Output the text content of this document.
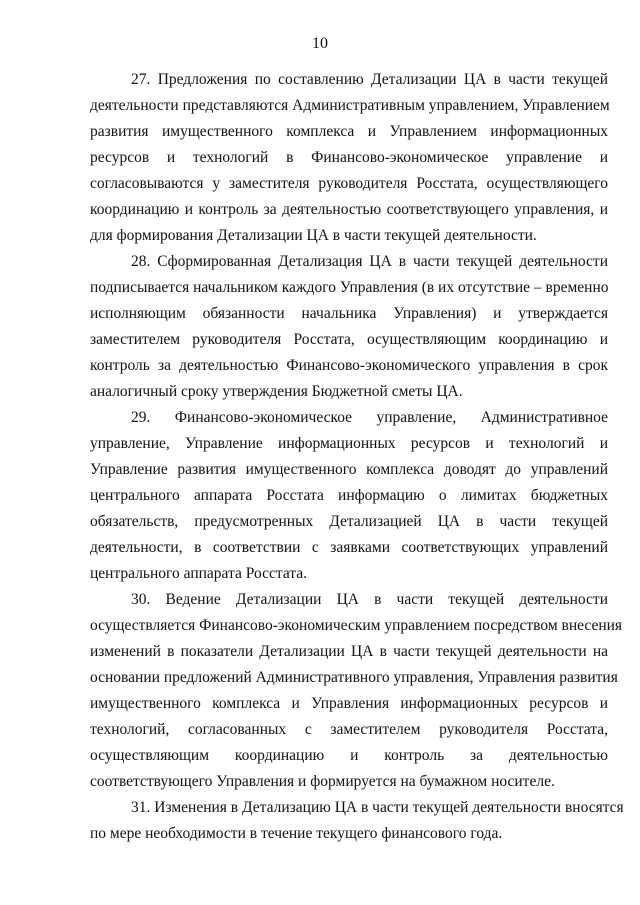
10
27. Предложения по составлению Детализации ЦА в части текущей
деятельности представляются Административным управлением, Управлением
развития имущественного комплекса и Управлением информационных
ресурсов и технологий в Финансово-экономическое управление и
согласовываются у заместителя руководителя Росстата, осуществляющего
координацию и контроль за деятельностью соответствующего управления, и
для формирования Детализации ЦА в части текущей деятельности.
28. Сформированная Детализация ЦА в части текущей деятельности
подписывается начальником каждого Управления (в их отсутствие – временно
исполняющим обязанности начальника Управления) и утверждается
заместителем руководителя Росстата, осуществляющим координацию и
контроль за деятельностью Финансово-экономического управления в срок
аналогичный сроку утверждения Бюджетной сметы ЦА.
29. Финансово-экономическое управление, Административное
управление, Управление информационных ресурсов и технологий и
Управление развития имущественного комплекса доводят до управлений
центрального аппарата Росстата информацию о лимитах бюджетных
обязательств, предусмотренных Детализацией ЦА в части текущей
деятельности, в соответствии с заявками соответствующих управлений
центрального аппарата Росстата.
30. Ведение Детализации ЦА в части текущей деятельности
осуществляется Финансово-экономическим управлением посредством внесения
изменений в показатели Детализации ЦА в части текущей деятельности на
основании предложений Административного управления, Управления развития
имущественного комплекса и Управления информационных ресурсов и
технологий, согласованных с заместителем руководителя Росстата,
осуществляющим координацию и контроль за деятельностью
соответствующего Управления и формируется на бумажном носителе.
31. Изменения в Детализацию ЦА в части текущей деятельности вносятся
по мере необходимости в течение текущего финансового года.
